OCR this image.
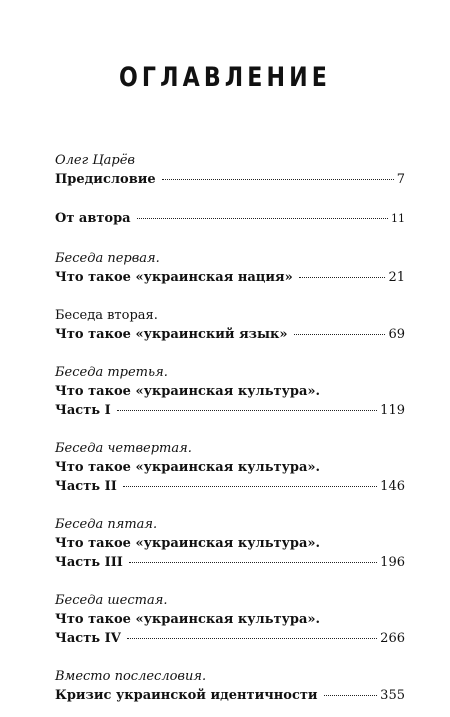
ОГЛАВЛЕНИЕ
Олег Царёв
Предисловие	7
От автора	11
Беседа первая.
Что такое «украинская нация»	21
Беседа вторая.
Что такое «украинский язык»	69
Беседа третья.
Что такое «украинская культура».
Часть I	119
Беседа четвертая.
Что такое «украинская культура».
Часть II	146
Беседа пятая.
Что такое «украинская культура».
Часть III	196
Беседа шестая.
Что такое «украинская культура».
Часть IV	266
Вместо послесловия.
Кризис украинской идентичности	355
